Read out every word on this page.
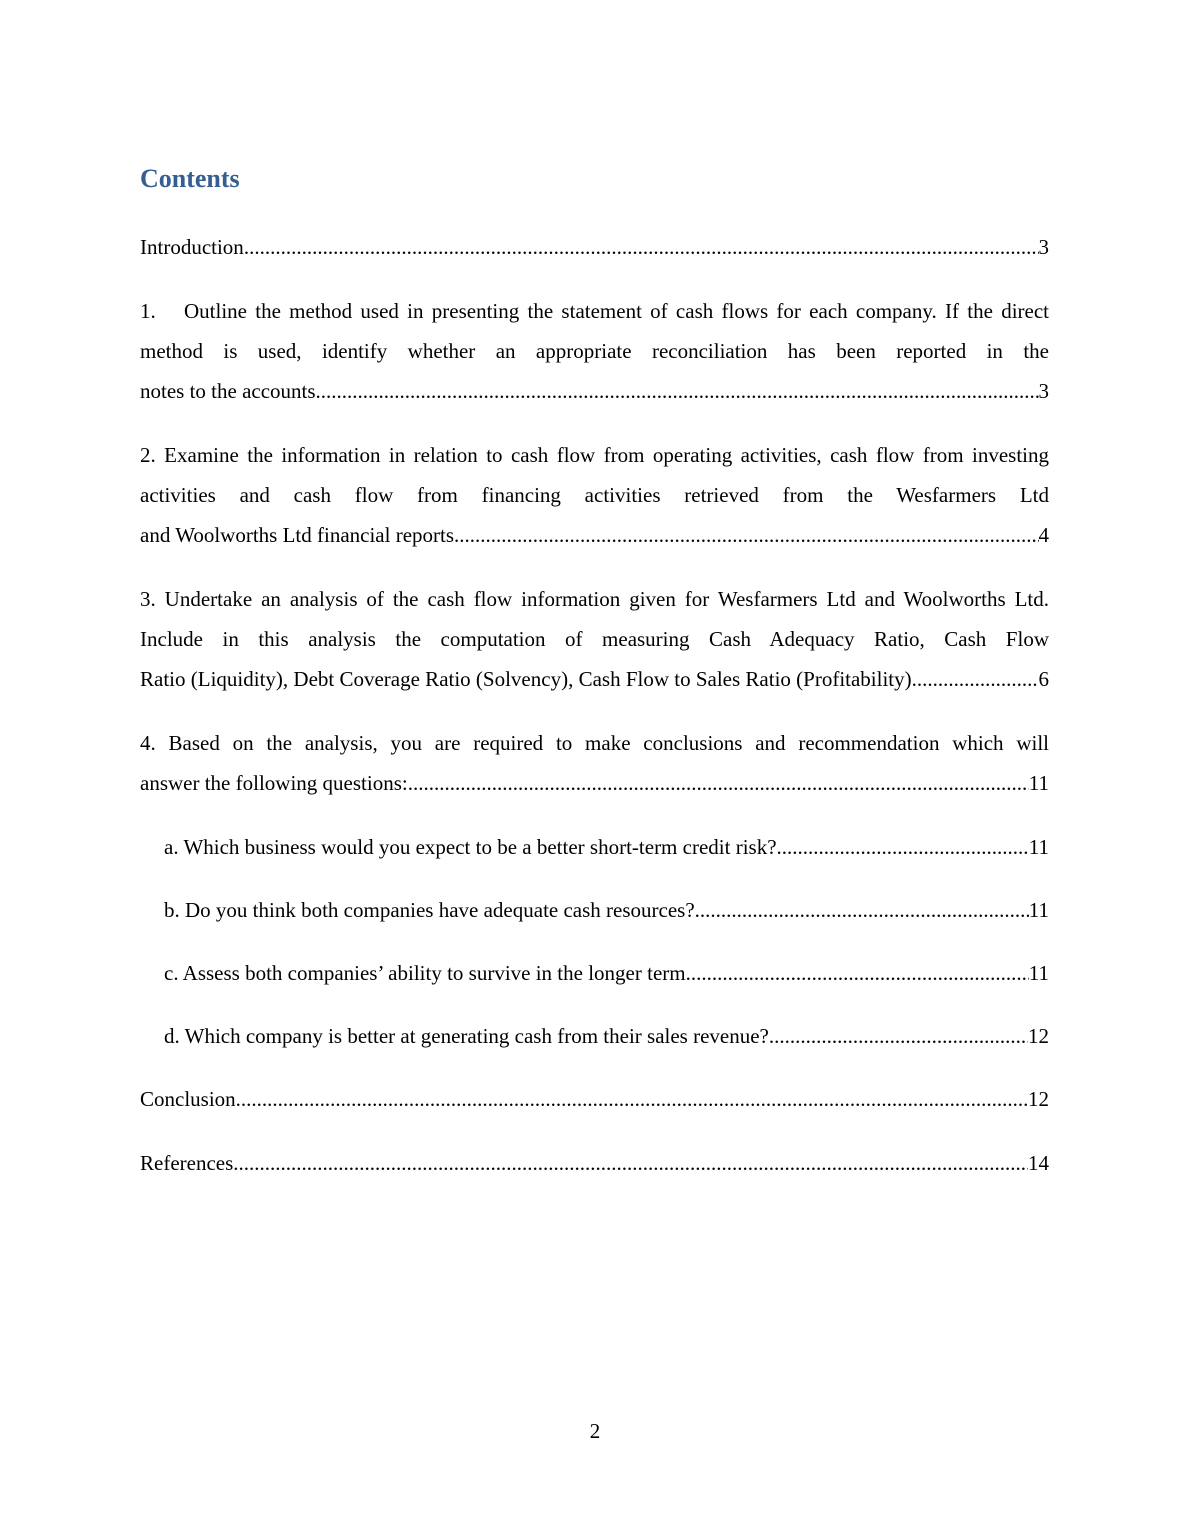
Contents
Introduction .....	3
1. Outline the method used in presenting the statement of cash flows for each company. If the direct method is used, identify whether an appropriate reconciliation has been reported in the
notes to the accounts .....	3
2. Examine the information in relation to cash flow from operating activities, cash flow from investing activities and cash flow from financing activities retrieved from the Wesfarmers Ltd
and Woolworths Ltd financial reports .....	4
3. Undertake an analysis of the cash flow information given for Wesfarmers Ltd and Woolworths Ltd. Include in this analysis the computation of measuring Cash Adequacy Ratio, Cash Flow
Ratio (Liquidity), Debt Coverage Ratio (Solvency), Cash Flow to Sales Ratio (Profitability). .....	6
4. Based on the analysis, you are required to make conclusions and recommendation which will
answer the following questions: .....	11
a. Which business would you expect to be a better short-term credit risk? .....	11
b. Do you think both companies have adequate cash resources? .....	11
c. Assess both companies’ ability to survive in the longer term. .....	11
d. Which company is better at generating cash from their sales revenue? .....	12
Conclusion .....	12
References .....	14
2
